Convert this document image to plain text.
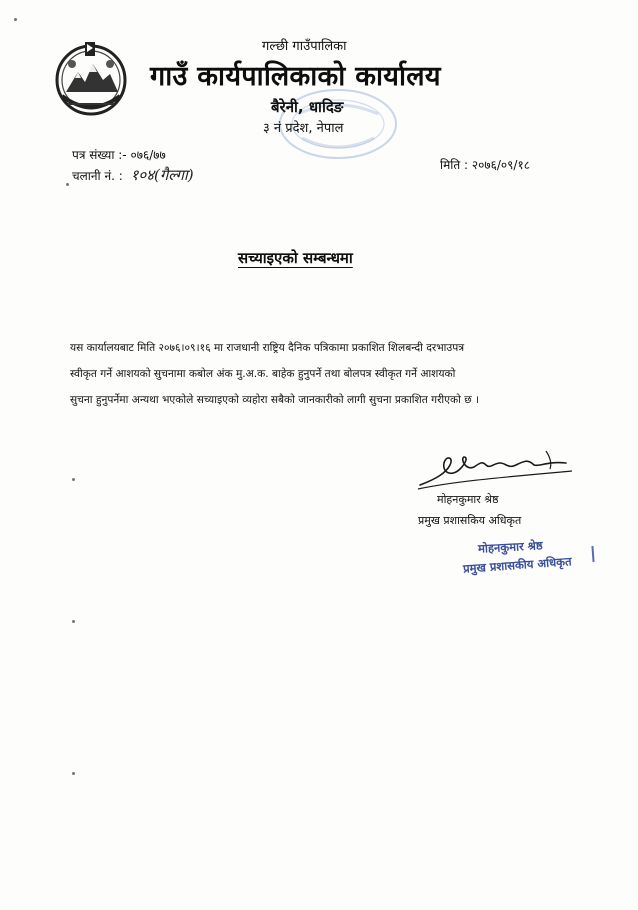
गल्छी गाउँपालिका
गाउँ कार्यपालिकाको कार्यालय
बैरेनी, धादिङ
३ नं प्रदेश, नेपाल
पत्र संख्या :- ०७६/७७
चलानी नं. : १०४(गैल्गा)
मिति : २०७६/०९/१८
सच्याइएको सम्बन्धमा
यस कार्यालयबाट मिति २०७६।०९।१६ मा राजधानी राष्ट्रिय दैनिक पत्रिकामा प्रकाशित शिलबन्दी दरभाउपत्र
स्वीकृत गर्ने आशयको सुचनामा कबोल अंक मु.अ.क. बाहेक हुनुपर्ने तथा बोलपत्र स्वीकृत गर्ने आशयको
सुचना हुनुपर्नेमा अन्यथा भएकोले सच्याइएको व्यहोरा सबैको जानकारीको लागी सुचना प्रकाशित गरीएको छ ।
मोहनकुमार श्रेष्ठ
प्रमुख प्रशासकिय अधिकृत
मोहनकुमार श्रेष्ठ
प्रमुख प्रशासकीय अधिकृत
